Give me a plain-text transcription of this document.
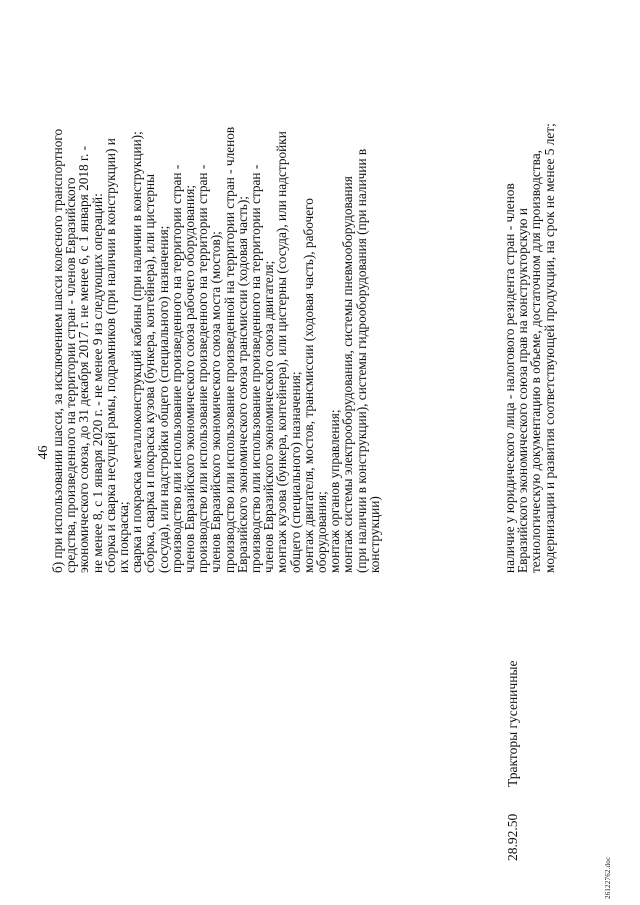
46 б) при использовании шасси, за исключением шасси колесного транспортного
средства, произведенного на территории стран - членов Евразийского
экономического союза, до 31 декабря 2017 г. не менее 6, с 1 января 2018 г. -
не менее 8, с 1 января 2020 г. - не менее 9 из следующих операций:
сборка и сварка несущей рамы, подрамников (при наличии в конструкции) и
их покраска;
сварка и покраска металлоконструкций кабины (при наличии в конструкции);
сборка, сварка и покраска кузова (бункера, контейнера), или цистерны
(сосуда), или надстройки общего (специального) назначения;
производство или использование произведенного на территории стран -
членов Евразийского экономического союза рабочего оборудования;
производство или использование произведенного на территории стран -
членов Евразийского экономического союза моста (мостов);
производство или использование произведенной на территории стран - членов
Евразийского экономического союза трансмиссии (ходовая часть);
производство или использование произведенного на территории стран -
членов Евразийского экономического союза двигателя;
монтаж кузова (бункера, контейнера), или цистерны (сосуда), или надстройки
общего (специального) назначения;
монтаж двигателя, мостов, трансмиссии (ходовая часть), рабочего
оборудования;
монтаж органов управления;
монтаж системы электрооборудования, системы пневмооборудования
(при наличии в конструкции), системы гидрооборудования (при наличии в
конструкции)
28.92.50
Тракторы гусеничные
наличие у юридического лица - налогового резидента стран - членов
Евразийского экономического союза прав на конструкторскую и
технологическую документацию в объеме, достаточном для производства,
модернизации и развития соответствующей продукции, на срок не менее 5 лет;
26122762.doc
